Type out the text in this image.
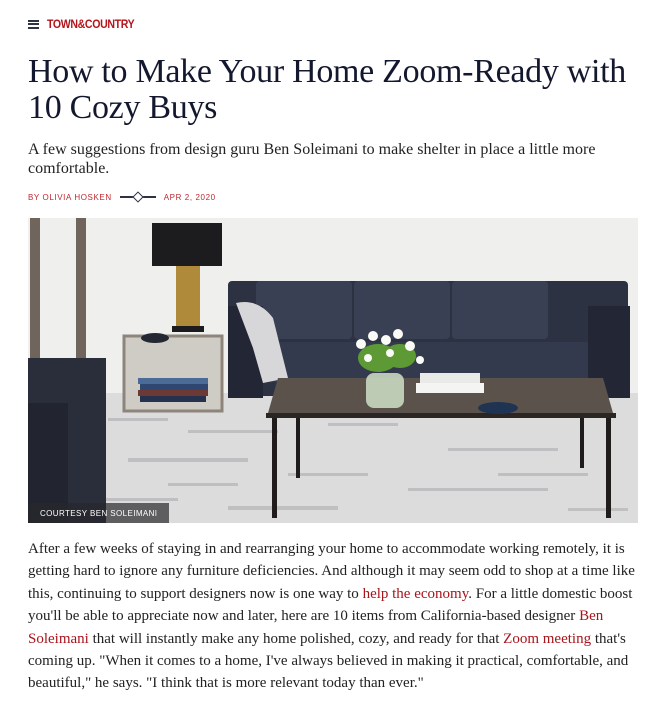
TOWN&COUNTRY
How to Make Your Home Zoom-Ready with 10 Cozy Buys

A few suggestions from design guru Ben Soleimani to make shelter in place a little more comfortable.

BY OLIVIA HOSKEN	APR 2, 2020
COURTESY BEN SOLEIMANI

After a few weeks of staying in and rearranging your home to accommodate working remotely, it is getting hard to ignore any furniture deficiencies. And although it may seem odd to shop at a time like this, continuing to support designers now is one way to help the economy. For a little domestic boost you'll be able to appreciate now and later, here are 10 items from California-based designer Ben Soleimani that will instantly make any home polished, cozy, and ready for that Zoom meeting that's coming up. "When it comes to a home, I've always believed in making it practical, comfortable, and beautiful," he says. "I think that is more relevant today than ever."
